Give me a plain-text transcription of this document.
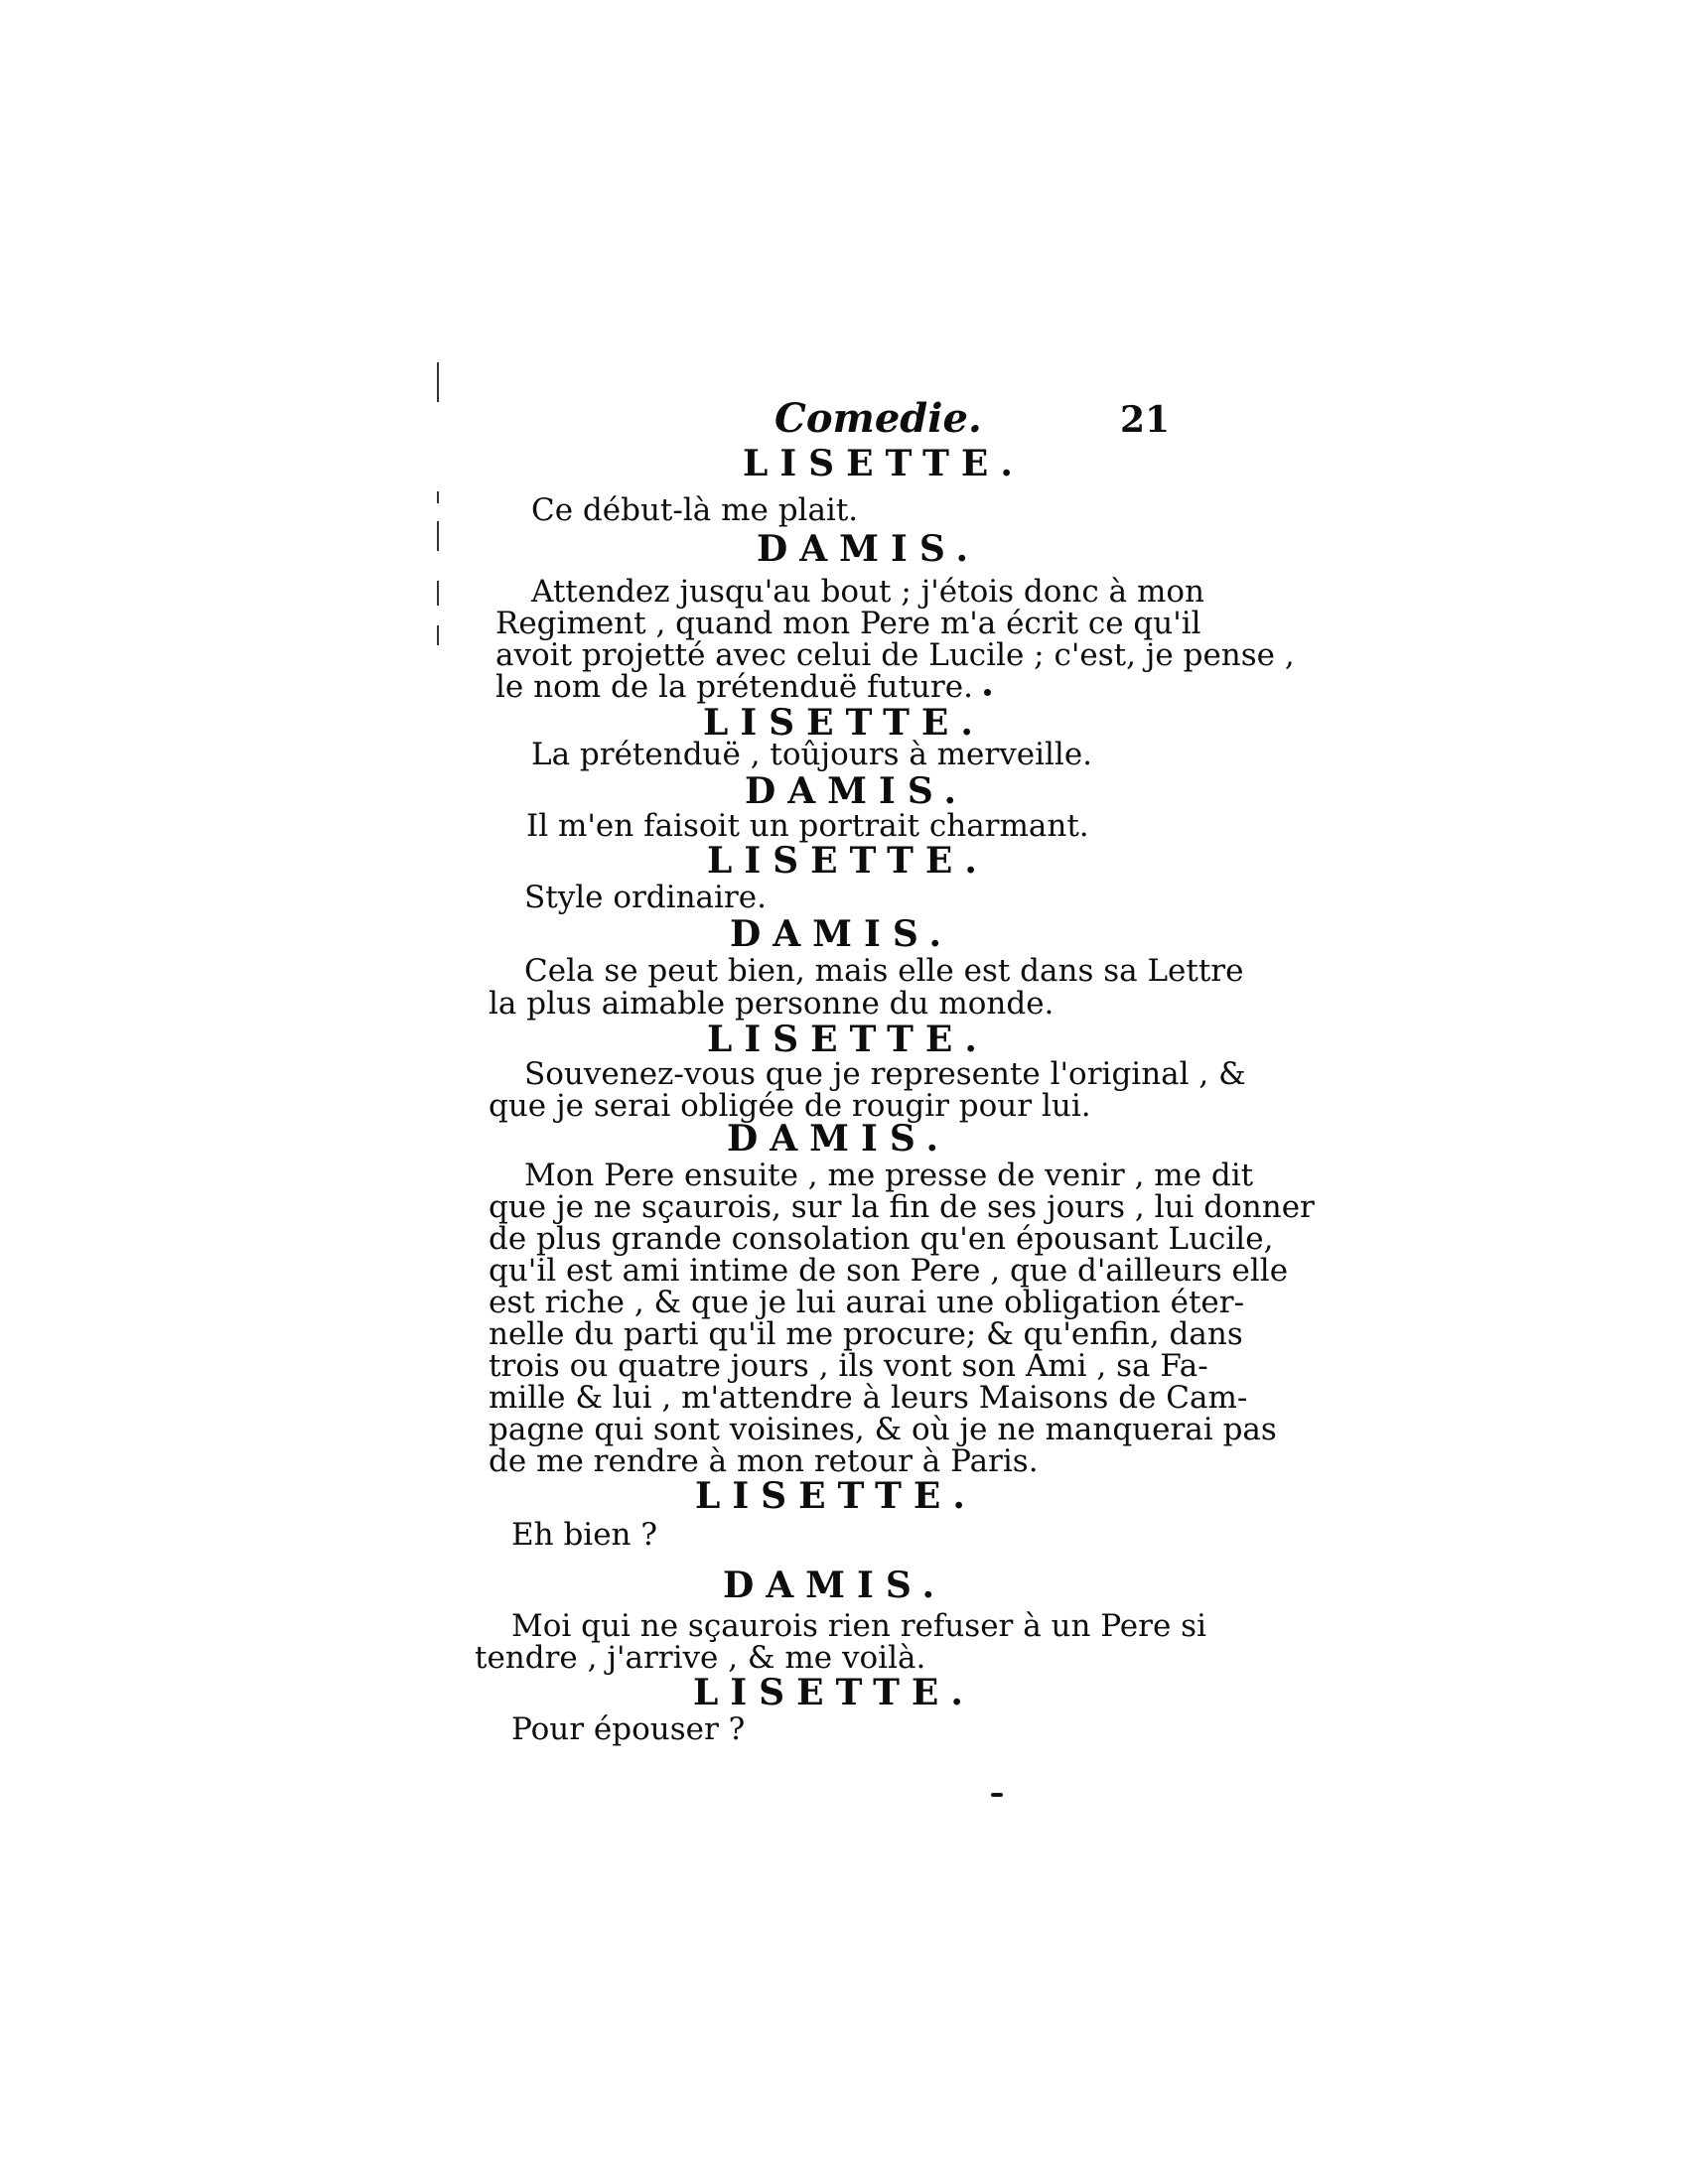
Comedie.	21
LISETTE.
Ce début-là me plait.
DAMIS.
Attendez jusqu'au bout ; j'étois donc à mon
Regiment , quand mon Pere m'a écrit ce qu'il
avoit projetté avec celui de Lucile ; c'est, je pense ,
le nom de la prétenduë future.
LISETTE.
La prétenduë , toûjours à merveille.
DAMIS.
Il m'en faisoit un portrait charmant.
LISETTE.
Style ordinaire.
DAMIS.
Cela se peut bien, mais elle est dans sa Lettre
la plus aimable personne du monde.
LISETTE.
Souvenez-vous que je represente l'original , &
que je serai obligée de rougir pour lui.
DAMIS.
Mon Pere ensuite , me presse de venir , me dit
que je ne sçaurois, sur la fin de ses jours , lui donner
de plus grande consolation qu'en épousant Lucile,
qu'il est ami intime de son Pere , que d'ailleurs elle
est riche , & que je lui aurai une obligation éter-
nelle du parti qu'il me procure; & qu'enfin, dans
trois ou quatre jours , ils vont son Ami , sa Fa-
mille & lui , m'attendre à leurs Maisons de Cam-
pagne qui sont voisines, & où je ne manquerai pas
de me rendre à mon retour à Paris.
LISETTE.
Eh bien ?
DAMIS.
Moi qui ne sçaurois rien refuser à un Pere si
tendre , j'arrive , & me voilà.
LISETTE.
Pour épouser ?
